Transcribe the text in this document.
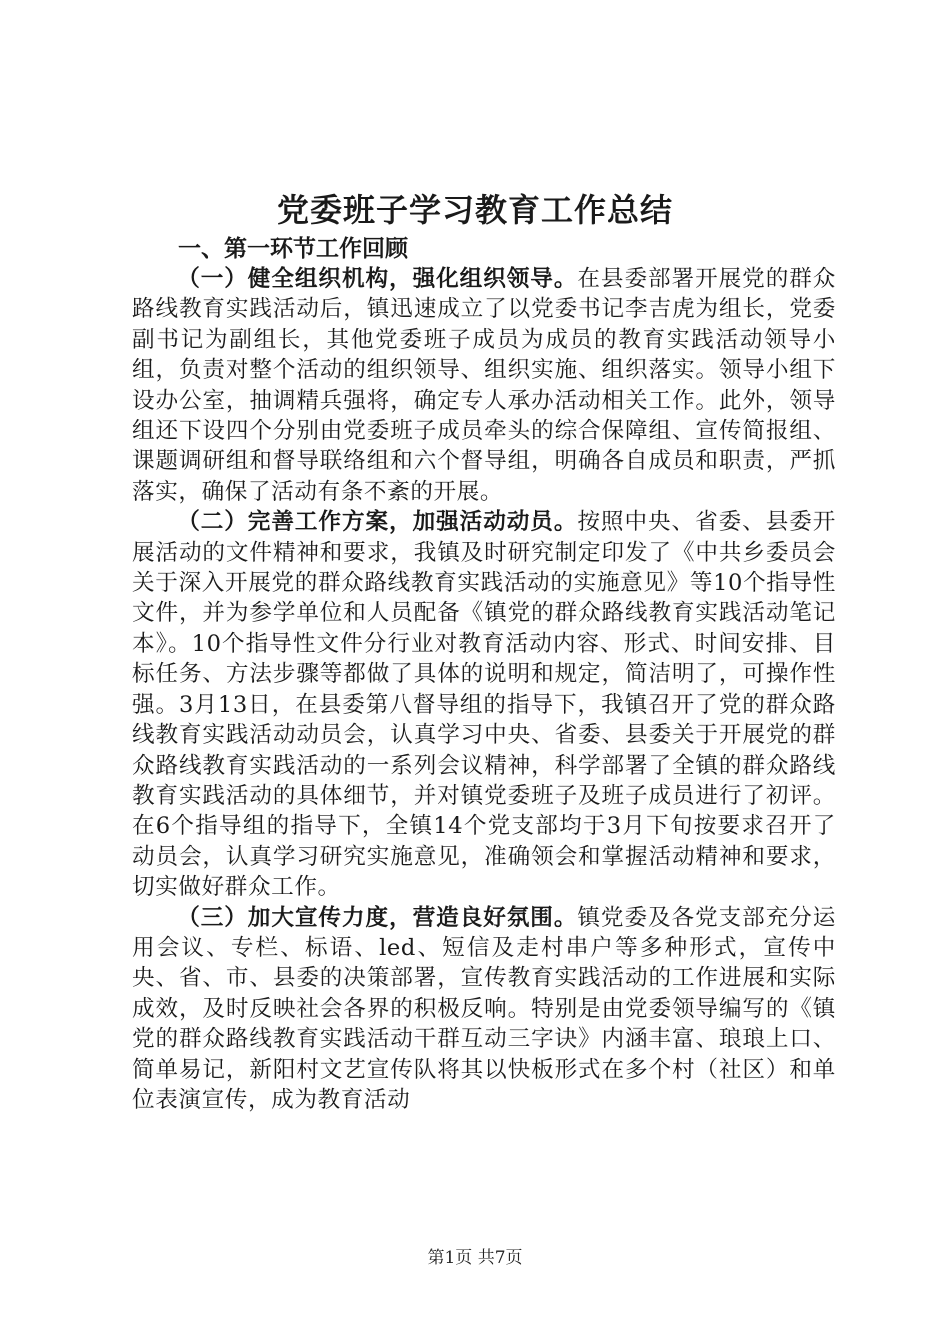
党委班子学习教育工作总结

一、第一环节工作回顾

（一）健全组织机构，强化组织领导。在县委部署开展党的群众路线教育实践活动后，镇迅速成立了以党委书记李吉虎为组长，党委副书记为副组长，其他党委班子成员为成员的教育实践活动领导小组，负责对整个活动的组织领导、组织实施、组织落实。领导小组下设办公室，抽调精兵强将，确定专人承办活动相关工作。此外，领导组还下设四个分别由党委班子成员牵头的综合保障组、宣传简报组、课题调研组和督导联络组和六个督导组，明确各自成员和职责，严抓落实，确保了活动有条不紊的开展。

（二）完善工作方案，加强活动动员。按照中央、省委、县委开展活动的文件精神和要求，我镇及时研究制定印发了《中共乡委员会关于深入开展党的群众路线教育实践活动的实施意见》等10个指导性文件，并为参学单位和人员配备《镇党的群众路线教育实践活动笔记本》。10个指导性文件分行业对教育活动内容、形式、时间安排、目标任务、方法步骤等都做了具体的说明和规定，简洁明了，可操作性强。3月13日，在县委第八督导组的指导下，我镇召开了党的群众路线教育实践活动动员会，认真学习中央、省委、县委关于开展党的群众路线教育实践活动的一系列会议精神，科学部署了全镇的群众路线教育实践活动的具体细节，并对镇党委班子及班子成员进行了初评。在6个指导组的指导下，全镇14个党支部均于3月下旬按要求召开了动员会，认真学习研究实施意见，准确领会和掌握活动精神和要求，切实做好群众工作。

（三）加大宣传力度，营造良好氛围。镇党委及各党支部充分运用会议、专栏、标语、led、短信及走村串户等多种形式，宣传中央、省、市、县委的决策部署，宣传教育实践活动的工作进展和实际成效，及时反映社会各界的积极反响。特别是由党委领导编写的《镇党的群众路线教育实践活动干群互动三字诀》内涵丰富、琅琅上口、简单易记，新阳村文艺宣传队将其以快板形式在多个村（社区）和单位表演宣传，成为教育活动

第1页 共7页
